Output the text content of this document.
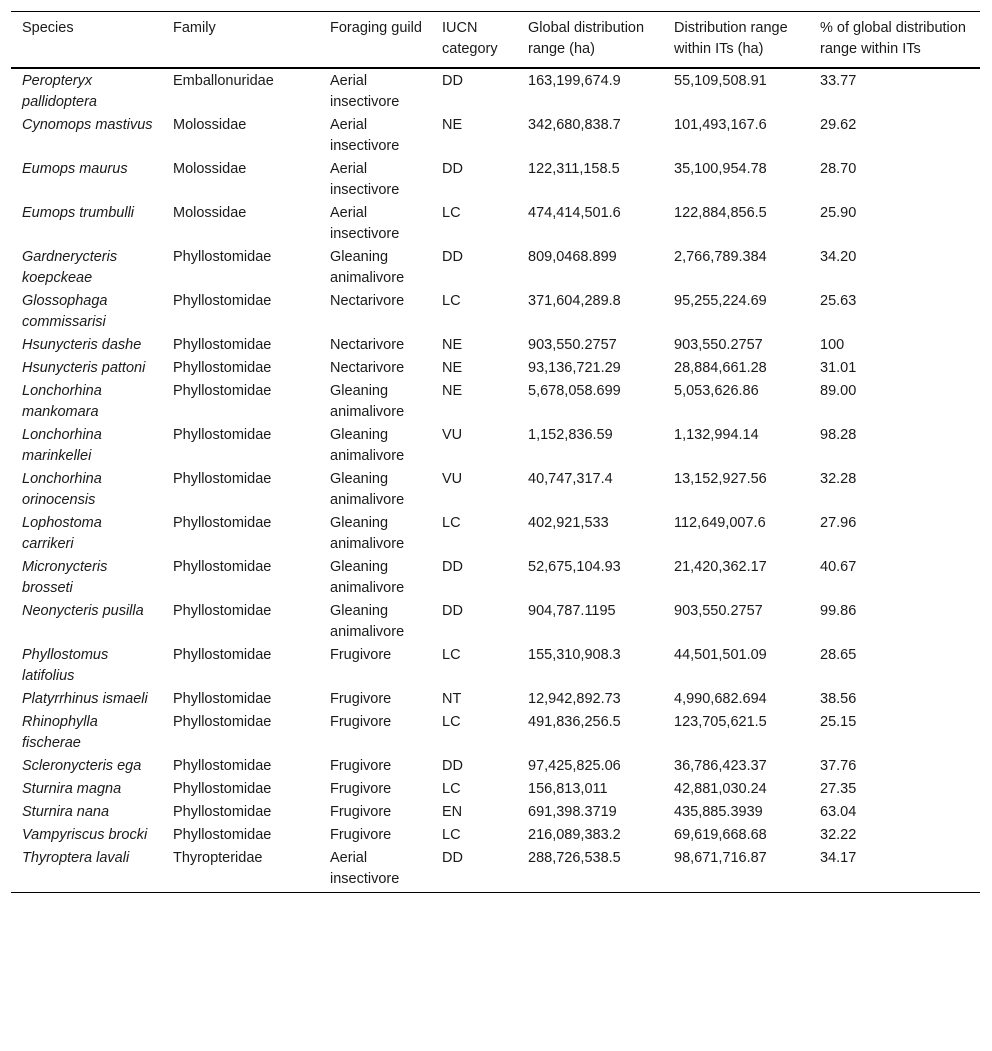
Species	Family	Foraging guild	IUCN category	Global distribution range (ha)	Distribution range within ITs (ha)	% of global distribution range within ITs
Peropteryx pallidoptera	Emballonuridae	Aerial insectivore	DD	163,199,674.9	55,109,508.91	33.77
Cynomops mastivus	Molossidae	Aerial insectivore	NE	342,680,838.7	101,493,167.6	29.62
Eumops maurus	Molossidae	Aerial insectivore	DD	122,311,158.5	35,100,954.78	28.70
Eumops trumbulli	Molossidae	Aerial insectivore	LC	474,414,501.6	122,884,856.5	25.90
Gardnerycteris koepckeae	Phyllostomidae	Gleaning animalivore	DD	809,0468.899	2,766,789.384	34.20
Glossophaga commissarisi	Phyllostomidae	Nectarivore	LC	371,604,289.8	95,255,224.69	25.63
Hsunycteris dashe	Phyllostomidae	Nectarivore	NE	903,550.2757	903,550.2757	100
Hsunycteris pattoni	Phyllostomidae	Nectarivore	NE	93,136,721.29	28,884,661.28	31.01
Lonchorhina mankomara	Phyllostomidae	Gleaning animalivore	NE	5,678,058.699	5,053,626.86	89.00
Lonchorhina marinkellei	Phyllostomidae	Gleaning animalivore	VU	1,152,836.59	1,132,994.14	98.28
Lonchorhina orinocensis	Phyllostomidae	Gleaning animalivore	VU	40,747,317.4	13,152,927.56	32.28
Lophostoma carrikeri	Phyllostomidae	Gleaning animalivore	LC	402,921,533	112,649,007.6	27.96
Micronycteris brosseti	Phyllostomidae	Gleaning animalivore	DD	52,675,104.93	21,420,362.17	40.67
Neonycteris pusilla	Phyllostomidae	Gleaning animalivore	DD	904,787.1195	903,550.2757	99.86
Phyllostomus latifolius	Phyllostomidae	Frugivore	LC	155,310,908.3	44,501,501.09	28.65
Platyrrhinus ismaeli	Phyllostomidae	Frugivore	NT	12,942,892.73	4,990,682.694	38.56
Rhinophylla fischerae	Phyllostomidae	Frugivore	LC	491,836,256.5	123,705,621.5	25.15
Scleronycteris ega	Phyllostomidae	Frugivore	DD	97,425,825.06	36,786,423.37	37.76
Sturnira magna	Phyllostomidae	Frugivore	LC	156,813,011	42,881,030.24	27.35
Sturnira nana	Phyllostomidae	Frugivore	EN	691,398.3719	435,885.3939	63.04
Vampyriscus brocki	Phyllostomidae	Frugivore	LC	216,089,383.2	69,619,668.68	32.22
Thyroptera lavali	Thyropteridae	Aerial insectivore	DD	288,726,538.5	98,671,716.87	34.17
